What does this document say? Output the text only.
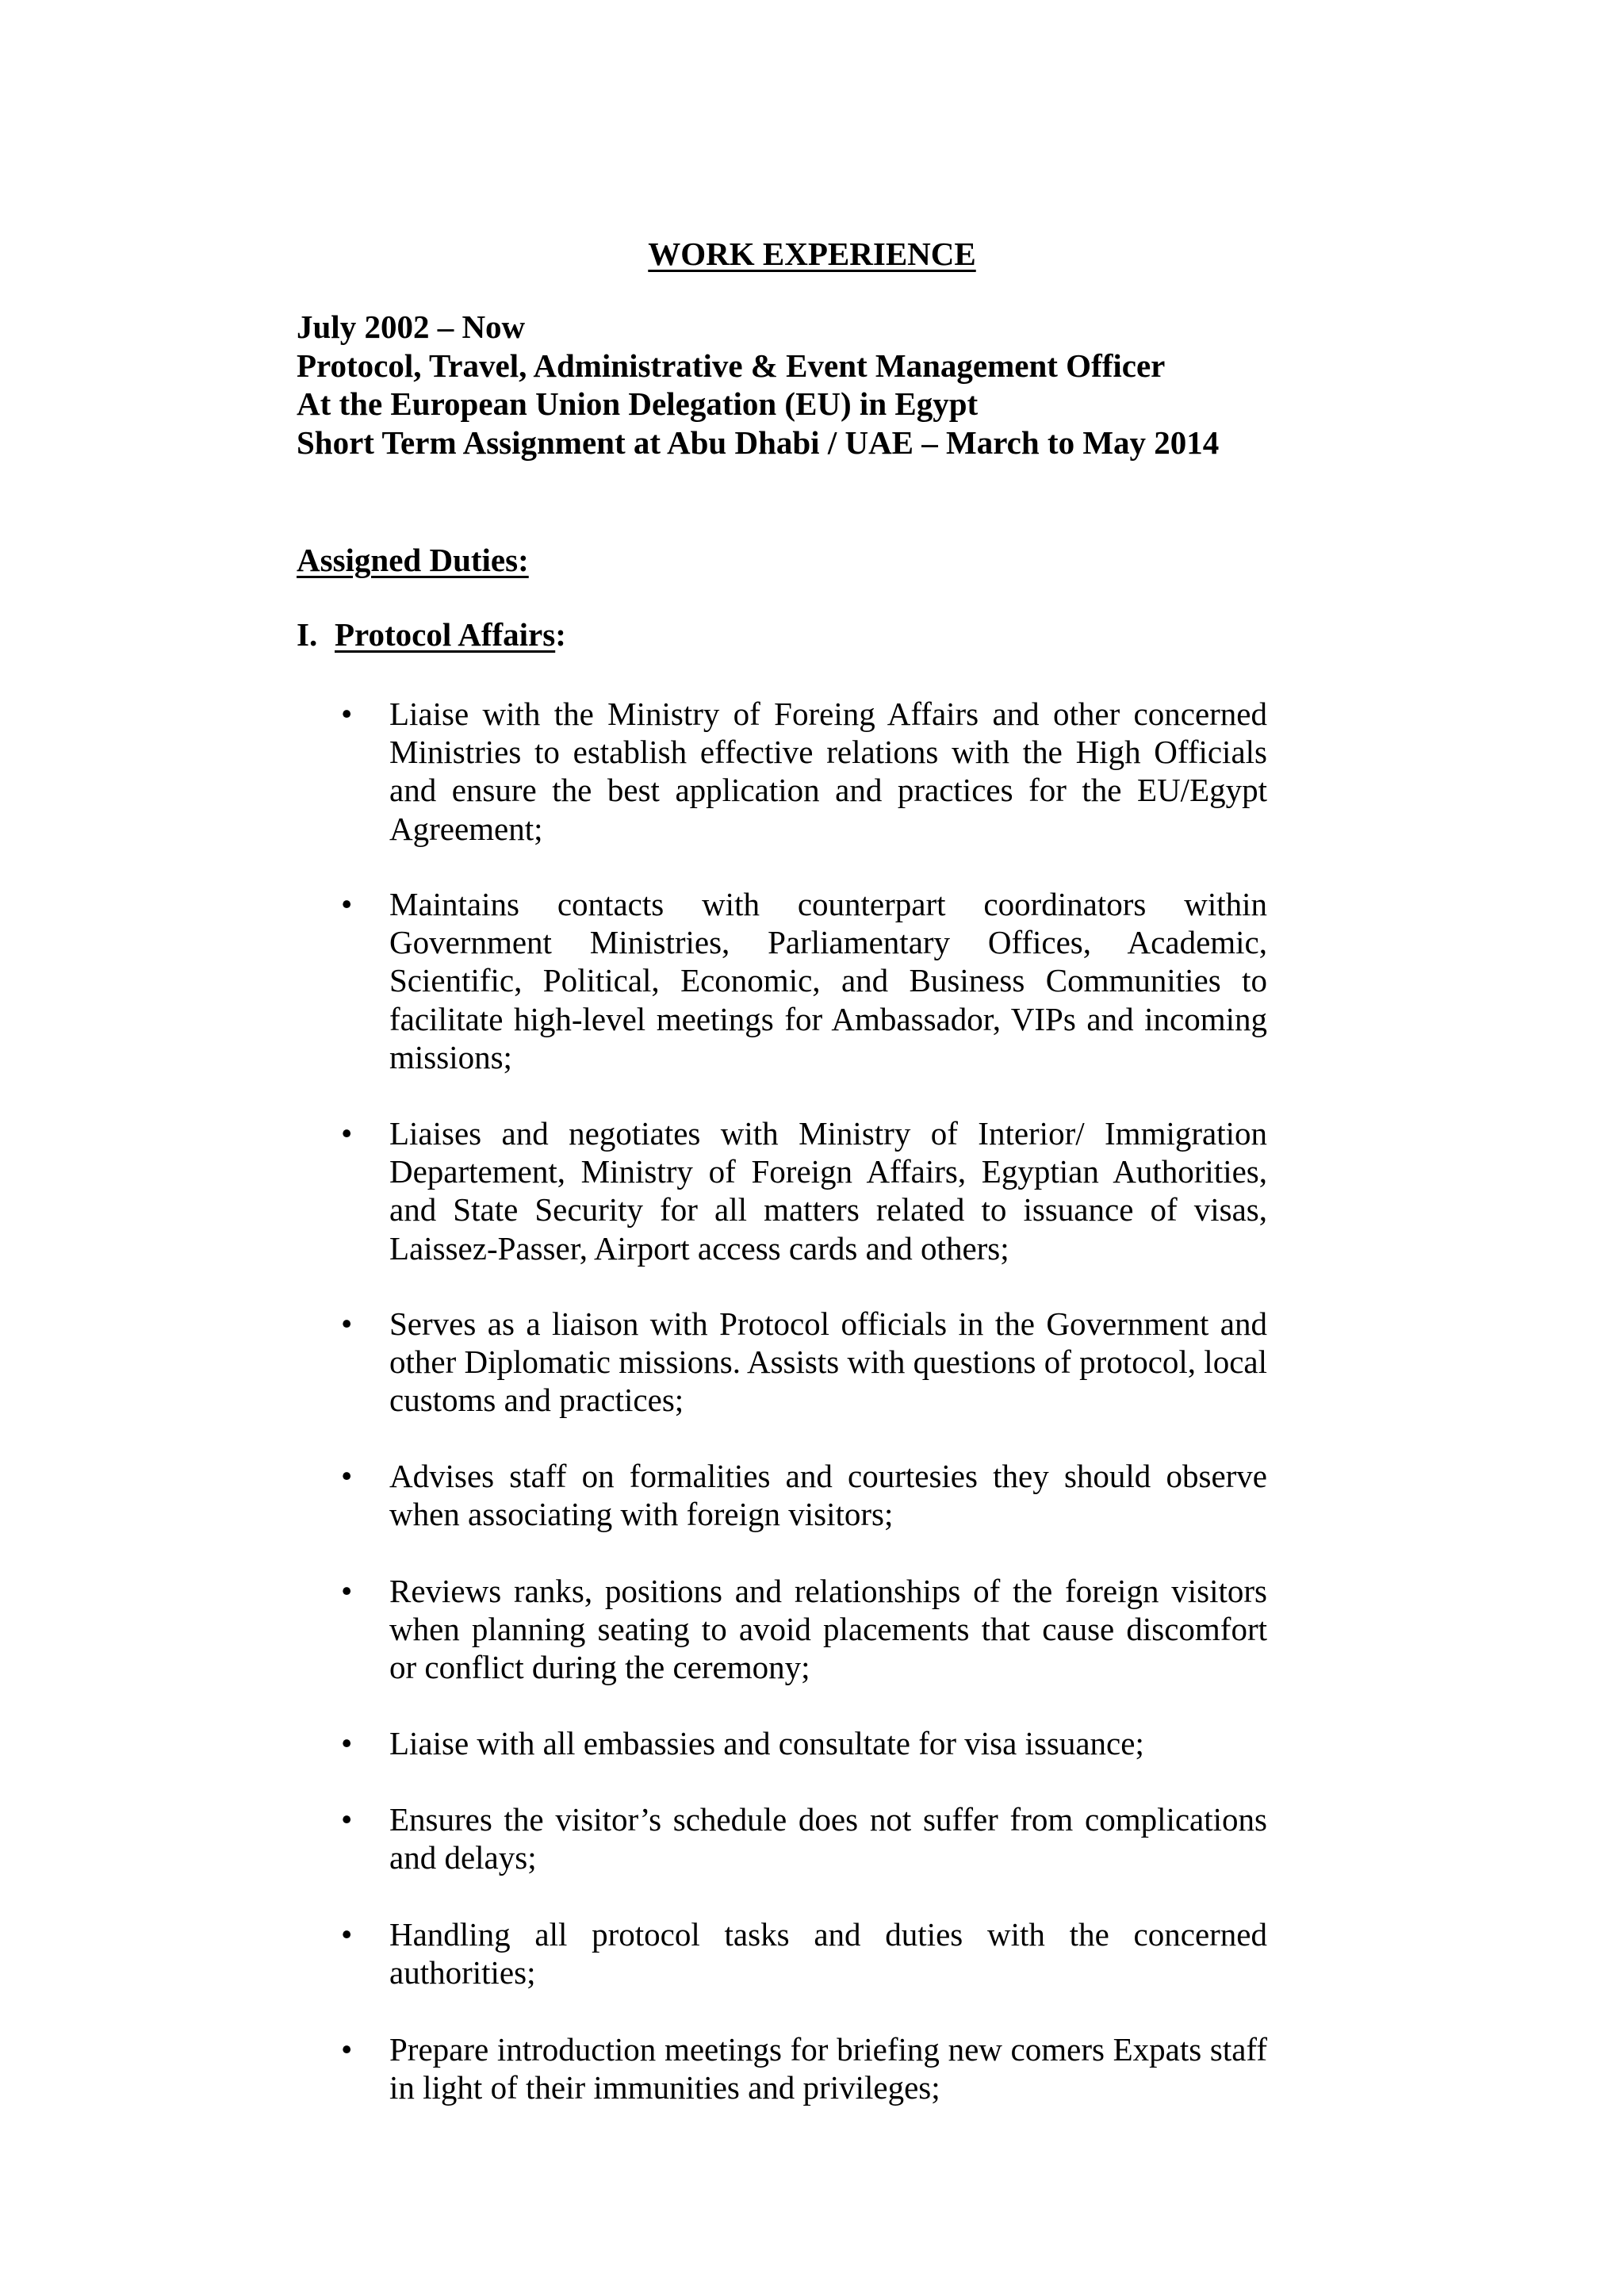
WORK EXPERIENCE
July 2002 – Now
Protocol, Travel, Administrative & Event Management Officer
At the European Union Delegation (EU) in Egypt
Short Term Assignment at Abu Dhabi / UAE – March to May 2014
Assigned Duties:
I. Protocol Affairs:
•	Liaise with the Ministry of Foreing Affairs and other concerned Ministries to establish effective relations with the High Officials and ensure the best application and practices for the EU/Egypt Agreement;
•	Maintains contacts with counterpart coordinators within Government Ministries, Parliamentary Offices, Academic, Scientific, Political, Economic, and Business Communities to facilitate high-level meetings for Ambassador, VIPs and incoming missions;
•	Liaises and negotiates with Ministry of Interior/ Immigration Departement, Ministry of Foreign Affairs, Egyptian Authorities, and State Security for all matters related to issuance of visas, Laissez-Passer, Airport access cards and others;
•	Serves as a liaison with Protocol officials in the Government and other Diplomatic missions. Assists with questions of protocol, local customs and practices;
•	Advises staff on formalities and courtesies they should observe when associating with foreign visitors;
•	Reviews ranks, positions and relationships of the foreign visitors when planning seating to avoid placements that cause discomfort or conflict during the ceremony;
•	Liaise with all embassies and consultate for visa issuance;
•	Ensures the visitor’s schedule does not suffer from complications and delays;
•	Handling all protocol tasks and duties with the concerned authorities;
•	Prepare introduction meetings for briefing new comers Expats staff in light of their immunities and privileges;
